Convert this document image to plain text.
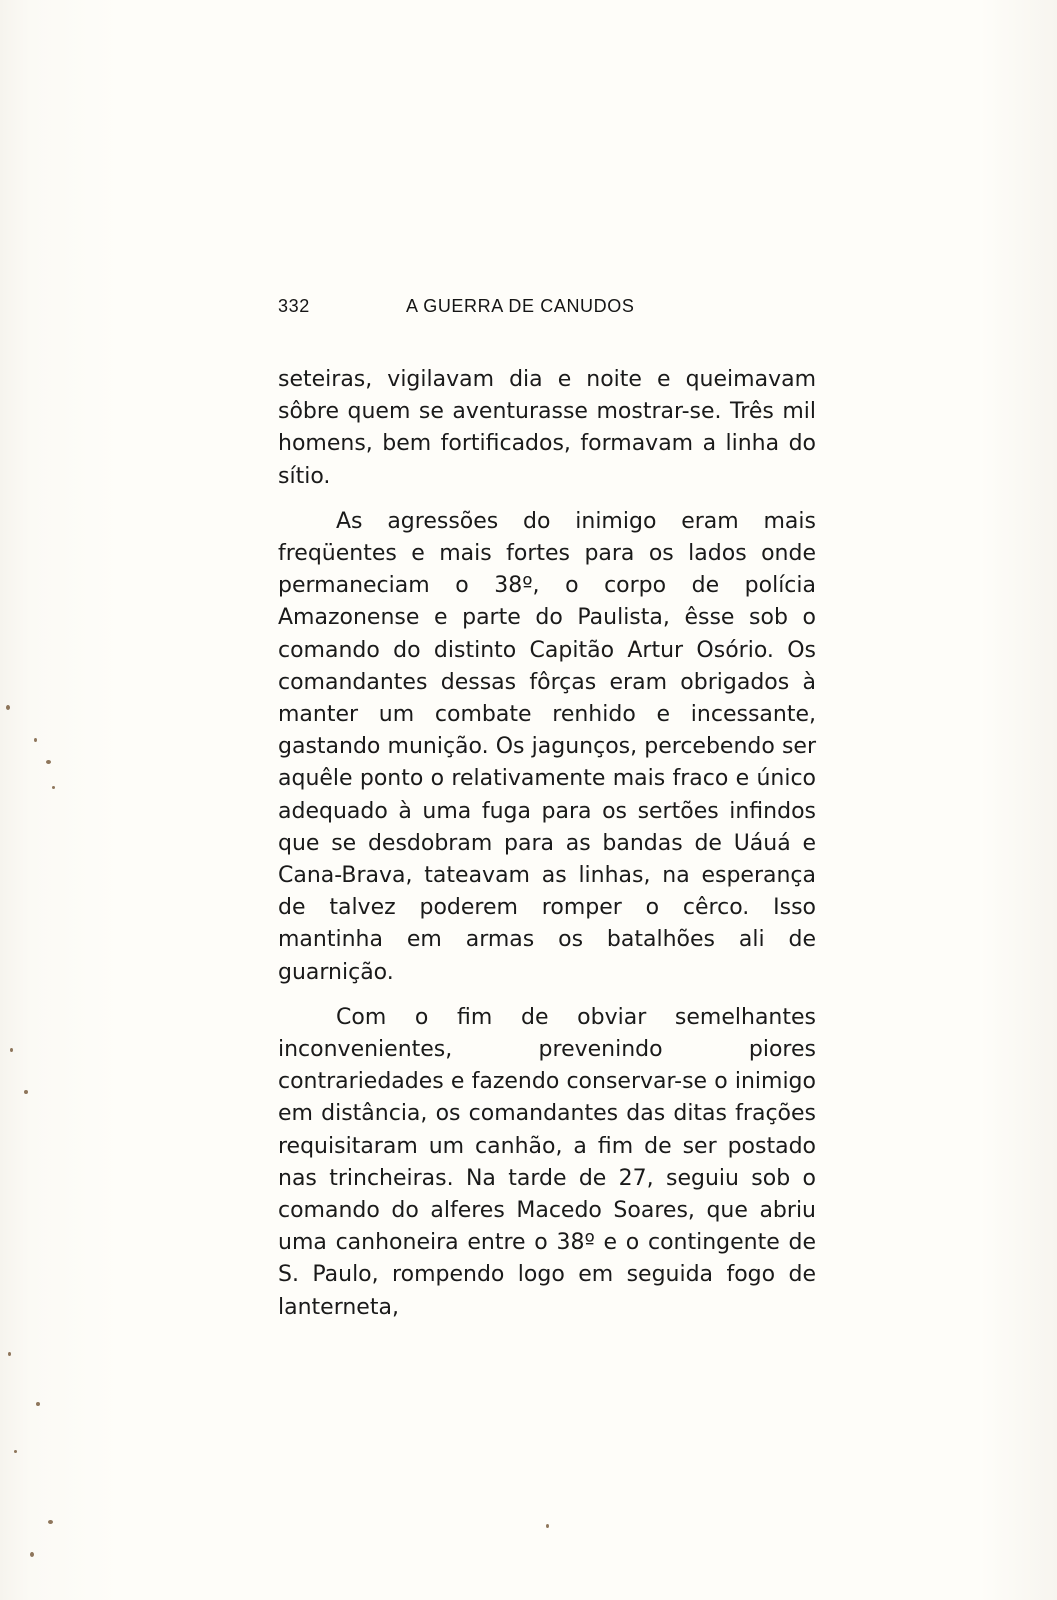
332	A GUERRA DE CANUDOS

seteiras, vigilavam dia e noite e queimavam sôbre quem se aventurasse mostrar-se. Três mil homens, bem fortificados, formavam a linha do sítio.

As agressões do inimigo eram mais freqüentes e mais fortes para os lados onde permaneciam o 38º, o corpo de polícia Amazonense e parte do Paulista, êsse sob o comando do distinto Capitão Artur Osório. Os comandantes dessas fôrças eram obrigados à manter um combate renhido e incessante, gastando munição. Os jagunços, percebendo ser aquêle ponto o relativamente mais fraco e único adequado à uma fuga para os sertões infindos que se desdobram para as bandas de Uáuá e Cana-Brava, tateavam as linhas, na esperança de talvez poderem romper o cêrco. Isso mantinha em armas os batalhões ali de guarnição.

Com o fim de obviar semelhantes inconvenientes, prevenindo piores contrariedades e fazendo conservar-se o inimigo em distância, os comandantes das ditas frações requisitaram um canhão, a fim de ser postado nas trincheiras. Na tarde de 27, seguiu sob o comando do alferes Macedo Soares, que abriu uma canhoneira entre o 38º e o contingente de S. Paulo, rompendo logo em seguida fogo de lanterneta,
